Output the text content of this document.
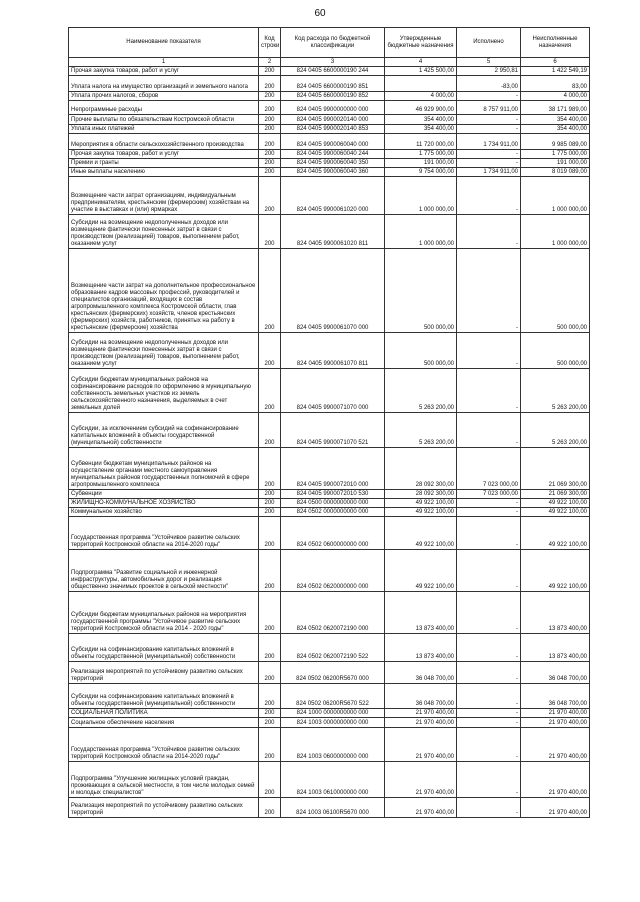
60
Наименование показателя	Код строки	Код расхода по бюджетной классификации	Утвержденные бюджетные назначения	Исполнено	Неисполненные назначения
1	2	3	4	5	6
Прочая закупка товаров, работ и услуг	200	824 0405 6600000190 244	1 425 500,00	2 950,81	1 422 549,19
Уплата налога на имущество организаций и земельного налога	200	824 0405 6600000190 851		-83,00	83,00
Уплата прочих налогов, сборов	200	824 0405 6600000190 852	4 000,00	-	4 000,00
Непрограммные расходы	200	824 0405 9900000000 000	46 929 900,00	8 757 911,00	38 171 989,00
Прочие выплаты по обязательствам Костромской области	200	824 0405 9900020140 000	354 400,00	-	354 400,00
Уплата иных платежей	200	824 0405 9900020140 853	354 400,00	-	354 400,00
Мероприятия в области сельскохозяйственного производства	200	824 0405 9900060040 000	11 720 000,00	1 734 911,00	9 985 089,00
Прочая закупка товаров, работ и услуг	200	824 0405 9900060040 244	1 775 000,00	-	1 775 000,00
Премии и гранты	200	824 0405 9900060040 350	191 000,00	-	191 000,00
Иные выплаты населению	200	824 0405 9900060040 360	9 754 000,00	1 734 911,00	8 019 089,00
Возмещение части затрат организациям, индивидуальным предпринимателям, крестьянским (фермерским) хозяйствам на участие в выставках и (или) ярмарках	200	824 0405 9900061020 000	1 000 000,00	-	1 000 000,00
Субсидии на возмещение недополученных доходов или возмещение фактически понесенных затрат в связи с производством (реализацией) товаров, выполнением работ, оказанием услуг	200	824 0405 9900061020 811	1 000 000,00	-	1 000 000,00
Возмещение части затрат на дополнительное профессиональное образование кадров массовых профессий, руководителей и специалистов организаций, входящих в состав агропромышленного комплекса Костромской области, глав крестьянских (фермерских) хозяйств, членов крестьянских (фермерских) хозяйств, работников, принятых на работу в крестьянские (фермерские) хозяйства	200	824 0405 9900061070 000	500 000,00	-	500 000,00
Субсидии на возмещение недополученных доходов или возмещение фактически понесенных затрат в связи с производством (реализацией) товаров, выполнением работ, оказанием услуг	200	824 0405 9900061070 811	500 000,00	-	500 000,00
Субсидии бюджетам муниципальных районов на софинансирование расходов по оформлению в муниципальную собственность земельных участков из земель сельскохозяйственного назначения, выделяемых в счет земельных долей	200	824 0405 9900071070 000	5 263 200,00	-	5 263 200,00
Субсидии, за исключением субсидий на софинансирование капитальных вложений в объекты государственной (муниципальной) собственности	200	824 0405 9900071070 521	5 263 200,00	-	5 263 200,00
Субвенции бюджетам муниципальных районов на осуществление органами местного самоуправления муниципальных районов государственных полномочий в сфере агропромышленного комплекса	200	824 0405 9900072010 000	28 092 300,00	7 023 000,00	21 069 300,00
Субвенции	200	824 0405 9900072010 530	28 092 300,00	7 023 000,00	21 069 300,00
ЖИЛИЩНО-КОММУНАЛЬНОЕ ХОЗЯЙСТВО	200	824 0500 0000000000 000	49 922 100,00	-	49 922 100,00
Коммунальное хозяйство	200	824 0502 0000000000 000	49 922 100,00	-	49 922 100,00
Государственная программа "Устойчивое развитие сельских территорий Костромской области на 2014-2020 годы"	200	824 0502 0600000000 000	49 922 100,00	-	49 922 100,00
Подпрограмма "Развитие социальной и инженерной инфраструктуры, автомобильных дорог и реализация общественно значимых проектов в сельской местности"	200	824 0502 0620000000 000	49 922 100,00	-	49 922 100,00
Субсидии бюджетам муниципальных районов на мероприятия государственной программы "Устойчивое развитие сельских территорий Костромской области на 2014 - 2020 годы"	200	824 0502 0620072190 000	13 873 400,00	-	13 873 400,00
Субсидии на софинансирование капитальных вложений в объекты государственной (муниципальной) собственности	200	824 0502 0620072190 522	13 873 400,00	-	13 873 400,00
Реализация мероприятий по устойчивому развитию сельских территорий	200	824 0502 06200R5670 000	36 048 700,00	-	36 048 700,00
Субсидии на софинансирование капитальных вложений в объекты государственной (муниципальной) собственности	200	824 0502 06200R5670 522	36 048 700,00	-	36 048 700,00
СОЦИАЛЬНАЯ ПОЛИТИКА	200	824 1000 0000000000 000	21 970 400,00	-	21 970 400,00
Социальное обеспечение населения	200	824 1003 0000000000 000	21 970 400,00	-	21 970 400,00
Государственная программа "Устойчивое развитие сельских территорий Костромской области на 2014-2020 годы"	200	824 1003 0600000000 000	21 970 400,00	-	21 970 400,00
Подпрограмма "Улучшение жилищных условий граждан, проживающих в сельской местности, в том числе молодых семей и молодых специалистов"	200	824 1003 0610000000 000	21 970 400,00	-	21 970 400,00
Реализация мероприятий по устойчивому развитию сельских территорий	200	824 1003 06100R5670 000	21 970 400,00	-	21 970 400,00
